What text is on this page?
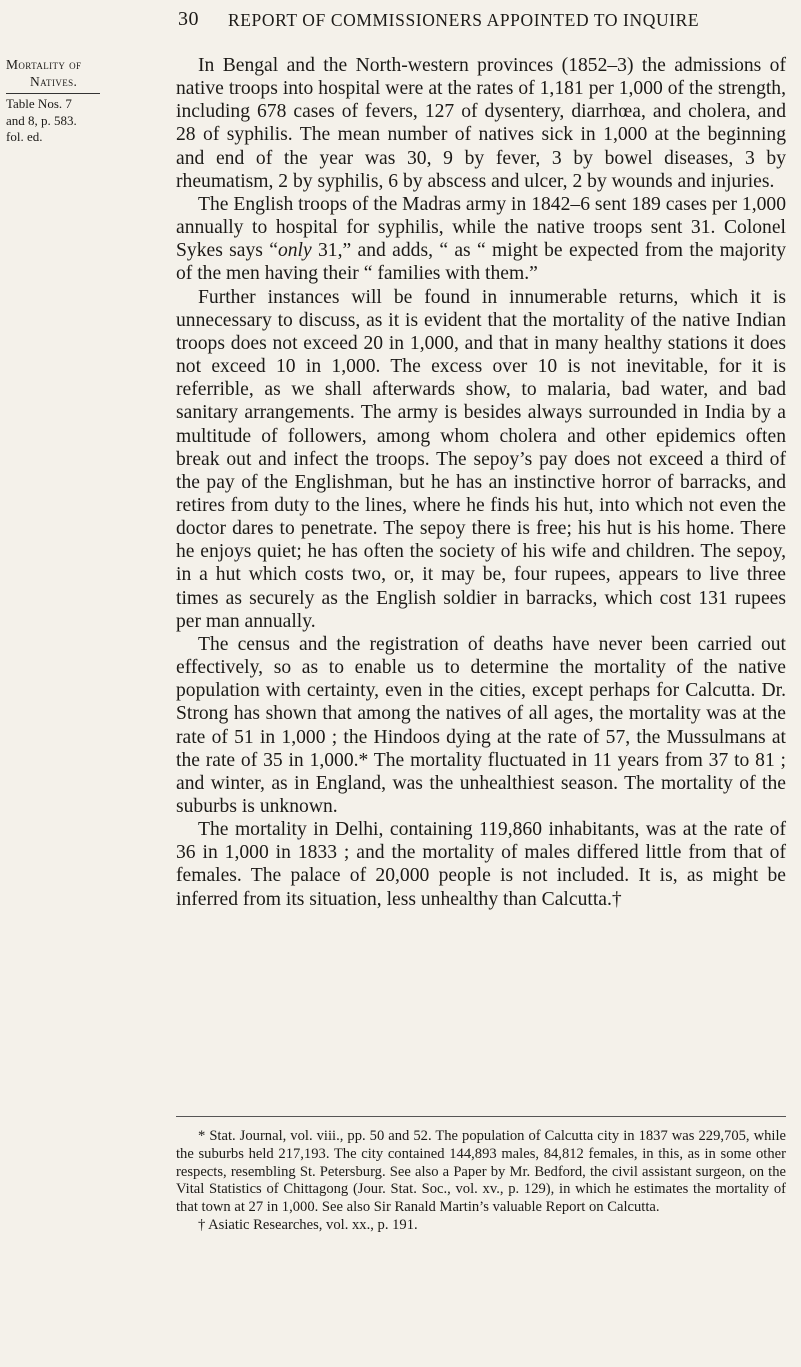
30 REPORT OF COMMISSIONERS APPOINTED TO INQUIRE
Mortality of
Natives.
Table Nos. 7
and 8, p. 583.
fol. ed.

In Bengal and the North-western provinces (1852–3) the admissions of native troops into hospital were at the rates of 1,181 per 1,000 of the strength, including 678 cases of fevers, 127 of dysentery, diarrhœa, and cholera, and 28 of syphilis. The mean number of natives sick in 1,000 at the beginning and end of the year was 30, 9 by fever, 3 by bowel diseases, 3 by rheumatism, 2 by syphilis, 6 by abscess and ulcer, 2 by wounds and injuries.

The English troops of the Madras army in 1842–6 sent 189 cases per 1,000 annually to hospital for syphilis, while the native troops sent 31. Colonel Sykes says “only 31,” and adds, “ as “ might be expected from the majority of the men having their “ families with them.”

Further instances will be found in innumerable returns, which it is unnecessary to discuss, as it is evident that the mortality of the native Indian troops does not exceed 20 in 1,000, and that in many healthy stations it does not exceed 10 in 1,000. The excess over 10 is not inevitable, for it is referrible, as we shall afterwards show, to malaria, bad water, and bad sanitary arrangements. The army is besides always surrounded in India by a multitude of followers, among whom cholera and other epidemics often break out and infect the troops. The sepoy’s pay does not exceed a third of the pay of the Englishman, but he has an instinctive horror of barracks, and retires from duty to the lines, where he finds his hut, into which not even the doctor dares to penetrate. The sepoy there is free; his hut is his home. There he enjoys quiet; he has often the society of his wife and children. The sepoy, in a hut which costs two, or, it may be, four rupees, appears to live three times as securely as the English soldier in barracks, which cost 131 rupees per man annually.

The census and the registration of deaths have never been carried out effectively, so as to enable us to determine the mortality of the native population with certainty, even in the cities, except perhaps for Calcutta. Dr. Strong has shown that among the natives of all ages, the mortality was at the rate of 51 in 1,000 ; the Hindoos dying at the rate of 57, the Mussulmans at the rate of 35 in 1,000.* The mortality fluctuated in 11 years from 37 to 81 ; and winter, as in England, was the unhealthiest season. The mortality of the suburbs is unknown.

The mortality in Delhi, containing 119,860 inhabitants, was at the rate of 36 in 1,000 in 1833 ; and the mortality of males differed little from that of females. The palace of 20,000 people is not included. It is, as might be inferred from its situation, less unhealthy than Calcutta.†

* Stat. Journal, vol. viii., pp. 50 and 52. The population of Calcutta city in 1837 was 229,705, while the suburbs held 217,193. The city contained 144,893 males, 84,812 females, in this, as in some other respects, resembling St. Petersburg. See also a Paper by Mr. Bedford, the civil assistant surgeon, on the Vital Statistics of Chittagong (Jour. Stat. Soc., vol. xv., p. 129), in which he estimates the mortality of that town at 27 in 1,000. See also Sir Ranald Martin’s valuable Report on Calcutta.

† Asiatic Researches, vol. xx., p. 191.
